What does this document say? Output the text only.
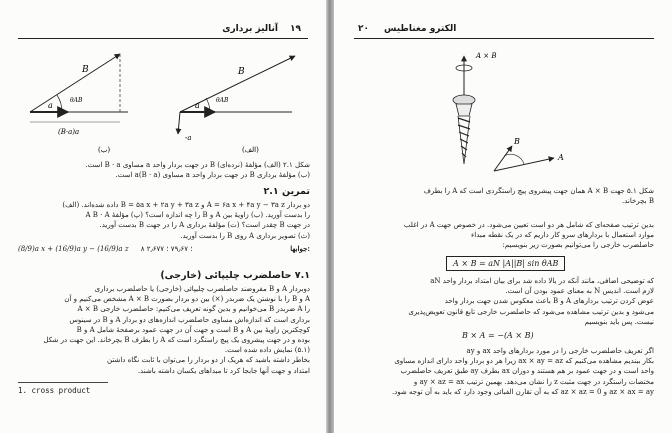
۱۹
آنالیز برداری
B
a
θAB
(B·a)a
B
a
θAB
-a
(الف)
(ب)
شکل ۲.۱ (الف) مؤلفهٔ (نرده‌ای) B در جهت بردار واحد a مساوی B · a است.
(ب) مؤلفهٔ برداری B در جهت بردار واحد a مساوی a(B · a) است.
تمرین ۲.۱
دو بردار A = ۶a x + ۴a y − ۳a z و B = ۵a x + ۲a y + ۳a z داده شده‌اند. (الف)
را بدست آورید. (ب) زاویهٔ بین A و B را چه اندازه است؟ (پ) مؤلفهٔ A B · A
در جهت B چقدر است؟ (ت) مؤلفهٔ برداری A را در جهت B بدست آورید.
(ث) تصویر برداری A روی B را بدست آورید.
(8/9)a x + (16/9)a y − (16/9)a z ۸ ؛ ۷۹٫۶۷ ؛ ۲٫۶۷۷	جوابها:
۷.۱ حاصلضرب چلیپائی (خارجی)
دوبردار A و B مفروضند حاصلضرب چلیپائی (خارجی) یا حاصلضرب برداری
A و B را با نوشتن یک ضربدر (×) بین دو بردار بصورت A × B مشخص می‌کنیم و آن
را A ضربدر B می‌خوانیم و بدین گونه تعریف می‌کنیم: حاصلضرب خارجی A × B
برداری است که اندازه‌اش مساوی حاصلضرب اندازه‌های دو بردار A و B در سینوس
کوچکترین زاویهٔ بین A و B است و جهت آن در جهت عمود برصفحهٔ شامل A و B
بوده و در جهت پیشروی یک پیچ راستگرد است که A را بطرف B بچرخاند. این جهت در شکل
(۵.۱) نمایش داده شده است.
بخاطر داشته باشید که هریک از دو بردار را می‌توان با ثابت نگاه داشتن
امتداد و جهت آنها جابجا کرد تا مبداهای یکسان داشته باشند.
1. cross product
۲۰ الکترو مغناطیس
A
B
A × B
شکل ۵.۱ جهت A × B همان جهت پیشروی پیچ راستگردی است که A را بطرف
B بچرخاند.
بدین ترتیب صفحه‌ای که شامل هر دو است تعیین می‌شود. در خصوص جهت A در اغلب
موارد استعمال با بردارهای سرو کار داریم که در یک نقطه مبداء
حاصلضرب خارجی را می‌توانیم بصورت زیر بنویسیم:
A × B = aN |A||B| sin θAB
که توضیحی اضافی، مانند آنکه در بالا داده شد برای بیان امتداد بردار واحد aN
لازم است. اندیس N به معنای عمود بودن آن است.
عوض کردن ترتیب بردارهای A و B باعث معکوس شدن جهت بردار واحد
می‌شود و بدین ترتیب مشاهده می‌شود که حاصلضرب خارجی تابع قانون تعویض‌پذیری
نیست. پس باید بنویسیم
B × A = −(A × B)
اگر تعریف حاصلضرب خارجی را در مورد بردارهای واحد ax و ay
بکار ببندیم مشاهده می‌کنیم که ax × ay = az زیرا هر دو بردار واحد دارای اندازه مساوی
واحد است و در جهت عمود بر هم هستند و دوران ax بطرف ay طبق تعریف حاصلضرب
مختصات راستگرد در جهت مثبت z را نشان می‌دهد. بهمین ترتیب ay × az = ax و
az × ax = ay و az × az = 0 که به آن تقارن الفبائی وجود دارد که باید به آن توجه شود.
